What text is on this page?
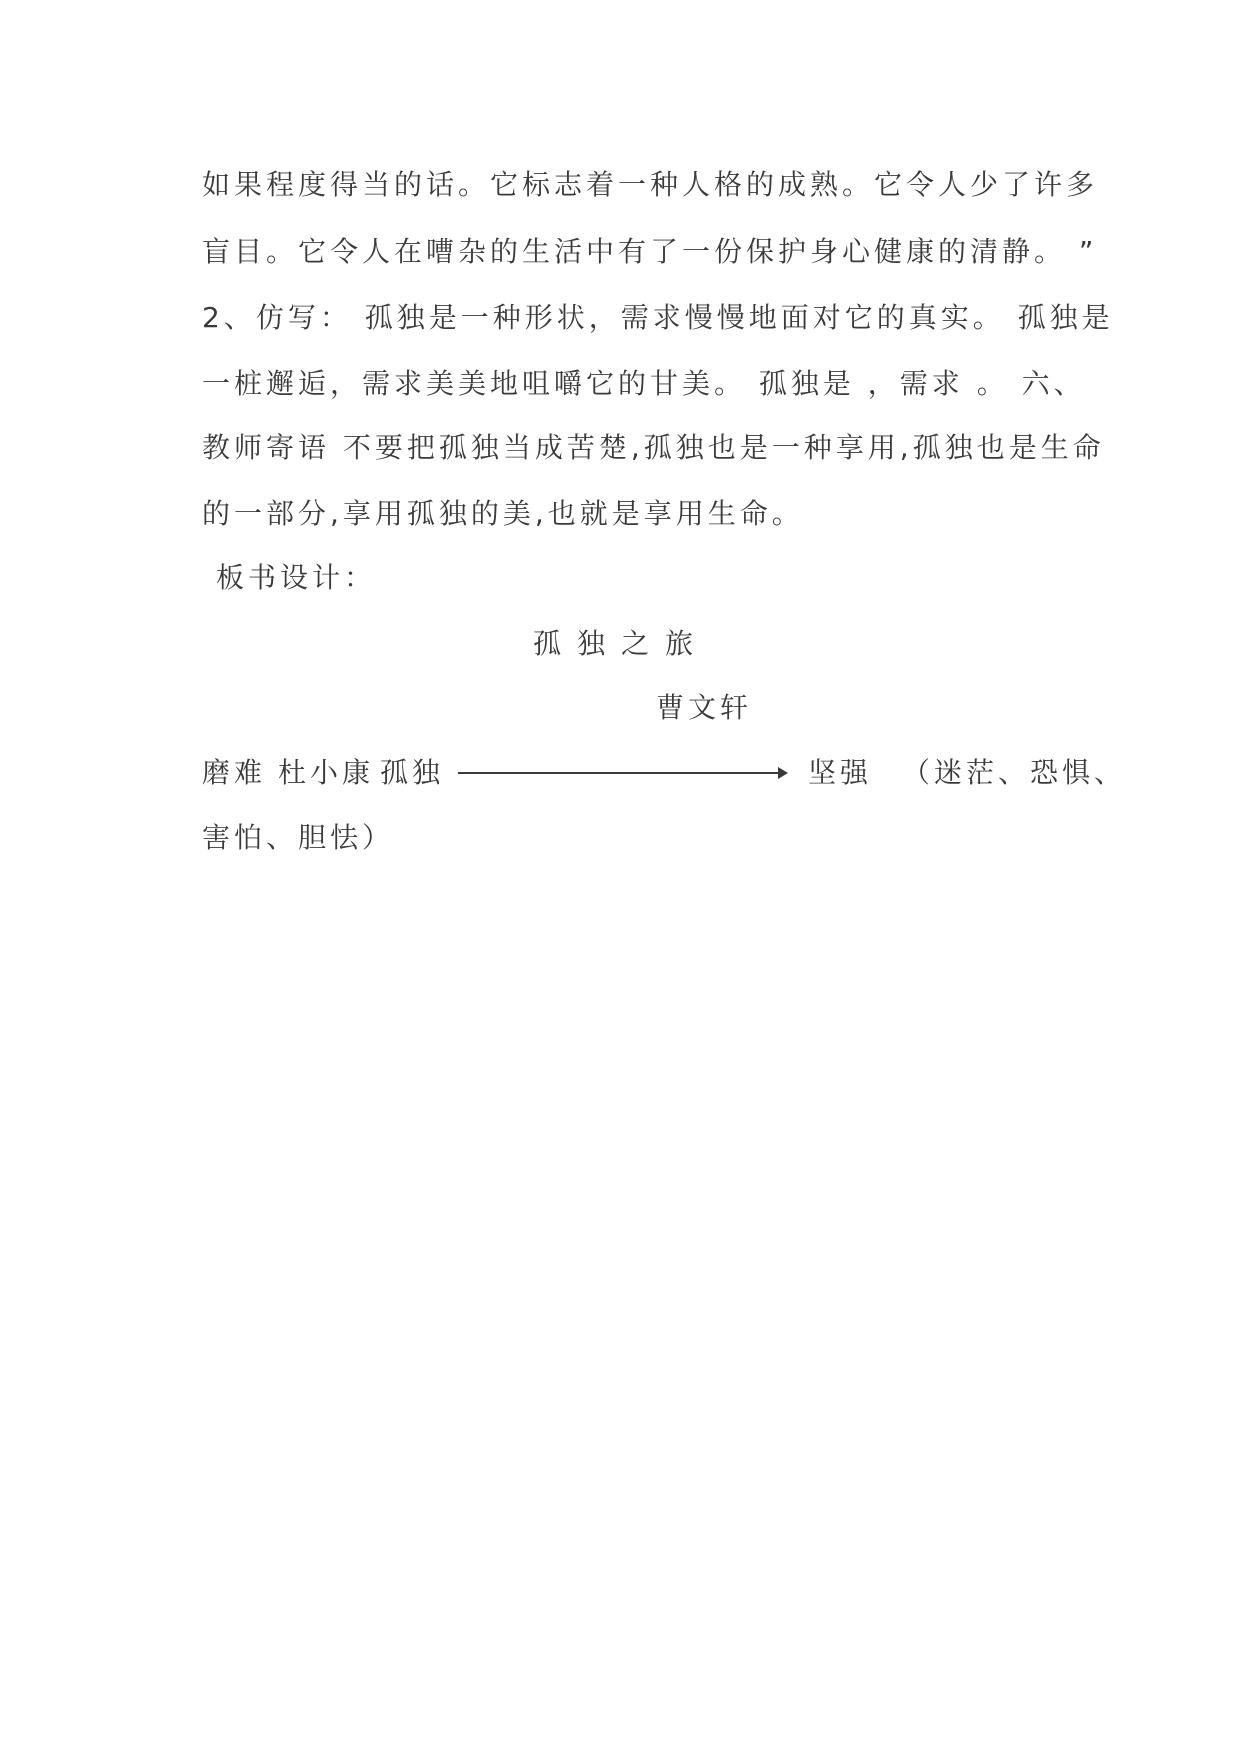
如果程度得当的话。它标志着一种人格的成熟。它令人少了许多
盲目。它令人在嘈杂的生活中有了一份保护身心健康的清静。 ”
2、仿写： 孤独是一种形状，需求慢慢地面对它的真实。 孤独是
一桩邂逅，需求美美地咀嚼它的甘美。 孤独是 ，需求 。 六、
教师寄语 不要把孤独当成苦楚,孤独也是一种享用,孤独也是生命
的一部分,享用孤独的美,也就是享用生命。
板书设计：
孤独之旅
曹文轩
磨难 杜小康 孤独	坚强 （迷茫、恐惧、
害怕、胆怯）
